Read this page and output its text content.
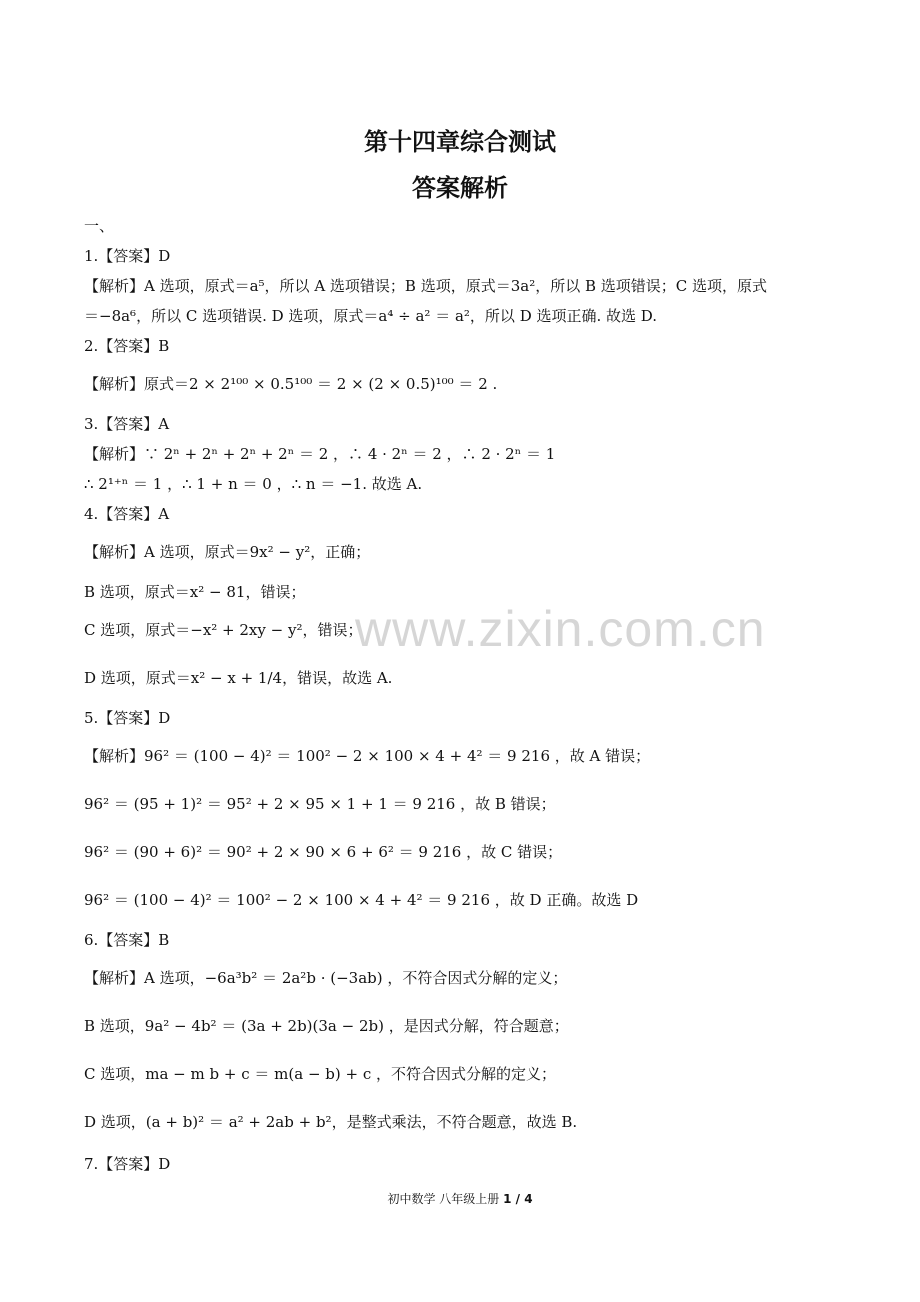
第十四章综合测试
答案解析
一、
1.【答案】D
【解析】A 选项，原式＝a⁵，所以 A 选项错误；B 选项，原式＝3a²，所以 B 选项错误；C 选项，原式
＝−8a⁶，所以 C 选项错误. D 选项，原式＝a⁴ ÷ a² ＝ a²，所以 D 选项正确. 故选 D.
2.【答案】B
【解析】原式＝2 × 2¹⁰⁰ × 0.5¹⁰⁰ ＝ 2 × (2 × 0.5)¹⁰⁰ ＝ 2 .
3.【答案】A
【解析】∵ 2ⁿ + 2ⁿ + 2ⁿ + 2ⁿ ＝ 2 ，∴ 4 · 2ⁿ ＝ 2 ，∴ 2 · 2ⁿ ＝ 1
∴ 2¹⁺ⁿ ＝ 1 ，∴ 1 + n ＝ 0 ，∴ n ＝ −1. 故选 A.
4.【答案】A
【解析】A 选项，原式＝9x² − y²，正确；
B 选项，原式＝x² − 81，错误；
C 选项，原式＝−x² + 2xy − y²，错误；
D 选项，原式＝x² − x + 1/4，错误，故选 A.
5.【答案】D
【解析】96² ＝ (100 − 4)² ＝ 100² − 2 × 100 × 4 + 4² ＝ 9 216 ，故 A 错误；
96² ＝ (95 + 1)² ＝ 95² + 2 × 95 × 1 + 1 ＝ 9 216 ，故 B 错误；
96² ＝ (90 + 6)² ＝ 90² + 2 × 90 × 6 + 6² ＝ 9 216 ，故 C 错误；
96² ＝ (100 − 4)² ＝ 100² − 2 × 100 × 4 + 4² ＝ 9 216 ，故 D 正确。故选 D
6.【答案】B
【解析】A 选项，−6a³b² ＝ 2a²b · (−3ab) ，不符合因式分解的定义；
B 选项，9a² − 4b² ＝ (3a + 2b)(3a − 2b) ，是因式分解，符合题意；
C 选项，ma − m b + c ＝ m(a − b) + c ，不符合因式分解的定义；
D 选项，(a + b)² ＝ a² + 2ab + b²，是整式乘法，不符合题意，故选 B.
7.【答案】D
www.zixin.com.cn
初中数学 八年级上册 1 / 4
